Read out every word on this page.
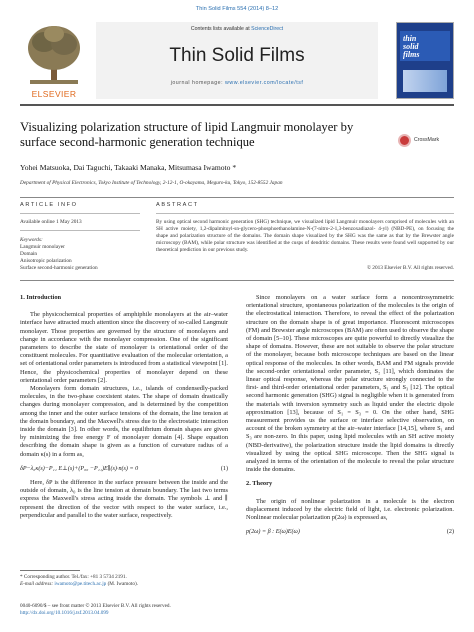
Thin Solid Films 554 (2014) 8–12
ELSEVIER
Contents lists available at ScienceDirect
Thin Solid Films
journal homepage: www.elsevier.com/locate/tsf
thin
solid
films
Visualizing polarization structure of lipid Langmuir monolayer by surface second-harmonic generation technique	CrossMark
Yohei Matsuoka, Dai Taguchi, Takaaki Manaka, Mitsumasa Iwamoto *
Department of Physical Electronics, Tokyo Institute of Technology, 2-12-1, O-okayama, Meguro-ku, Tokyo, 152-8552 Japan
ARTICLE INFO	ABSTRACT
Available online 1 May 2013
Keywords:
Langmuir monolayer
Domain
Anisotropic polarization
Surface second-harmonic generation
By using optical second harmonic generation (SHG) technique, we visualized lipid Langmuir monolayers comprised of molecules with an SH active moiety, 1,2-dipalmitoyl-sn-glycero-phosphoethanolamine-N-(7-nitro-2-1,3-benzoxadiazol- 4-yl) (NBD-PE), on focusing the shape and polarization structure of the domains. The domain shape visualized by the SHG was the same as that by the Brewster angle microscopy (BAM), while polar structure was identified at the cusps of dendritic domains. These results were found well supported by our theoretical prediction in our previous study.
© 2013 Elsevier B.V. All rights reserved.
1. Introduction

The physicochemical properties of amphiphile monolayers at the air–water interface have attracted much attention since the discovery of so-called Langmuir monolayer. Those properties are governed by the structure of monolayers and change in accordance with the monolayer compression. One of the significant parameters to describe the state of monolayer is orientational order of the constituent molecules. For quantitative evaluation of the molecular orientation, a set of orientational order parameters is introduced from a statistical viewpoint [1]. Hence, the physicochemical properties of monolayer depend on these orientational order parameters [2].

Monolayers form domain structures, i.e., islands of condensedly-packed molecules, in the two-phase coexistent states. The shape of domain drastically changes during monolayer compression, and is determined by the competition among the inner and the outer surface tensions of the domain, the line tension at the domain boundary, and the Maxwell's stress due to the electrostatic interaction inside the domain [3]. In other words, the equilibrium domain shapes are given by minimizing the free energy F of monolayer domain [4]. Shape equation describing the domain shape is given as a function of curvature radius of a domain κ(s) in a form as,

δP−λ₀κ(s)−P₁₁ E⊥(s)+(P₀₀ −P₁₁)E∥(s)·n(s) = 0	(1)

Here, δP is the difference in the surface pressure between the inside and the outside of domain, λ₀ is the line tension at domain boundary. The last two terms express the Maxwell's stress acting inside the domain. The symbols ⊥ and ∥ represent the direction of the vector with respect to the water surface, i.e., perpendicular and parallel to the water surface, respectively.

Since monolayers on a water surface form a noncentrosymmetric orientational structure, spontaneous polarization of the molecules is the origin of the electrostatical interaction. Therefore, to reveal the effect of the polarization structure on the domain shape is of great importance. Fluorescent microscopes (FM) and Brewster angle microscopes (BAM) are often used to observe the shape of domain [5–10]. These microscopes are quite powerful to directly visualize the shape of domains. However, these are not suitable to observe the polar structure of the monolayer, because both microscope techniques are based on the linear optical response of the molecules. In other words, BAM and FM signals provide the second-order orientational order parameter, S₂ [11], which dominates the linear optical response, whereas the polar structure strongly connected to the first- and third-order orientational order parameters, S₁ and S₃ [12]. The optical second harmonic generation (SHG) signal is negligible when it is generated from the materials with inversion symmetry such as liquid under the electric dipole approximation [13], because of S₁ = S₃ = 0. On the other hand, SHG measurement provides us the surface or interface selective observation, on account of the broken symmetry at the air–water interface [14,15], where S₁ and S₃ are non-zero. In this paper, using lipid molecules with an SH active moiety (NBD-derivative), the polarization structure inside the lipid domains is directly visualized by using the optical SHG microscope. Then the SHG signal is analyzed in terms of the orientation of the molecule to reveal the polar structure inside the domains.

2. Theory

The origin of nonlinear polarization in a molecule is the electron displacement induced by the electric field of light, i.e. electronic polarization. Nonlinear molecular polarization p(2ω) is expressed as,

p(2ω) = β : E(ω)E(ω)	(2)
* Corresponding author. Tel./fax: +81 3 5734 2191.
E-mail address: iwamoto@pe.titech.ac.jp (M. Iwamoto).
0040-6090/$ – see front matter © 2013 Elsevier B.V. All rights reserved.
http://dx.doi.org/10.1016/j.tsf.2013.04.099
